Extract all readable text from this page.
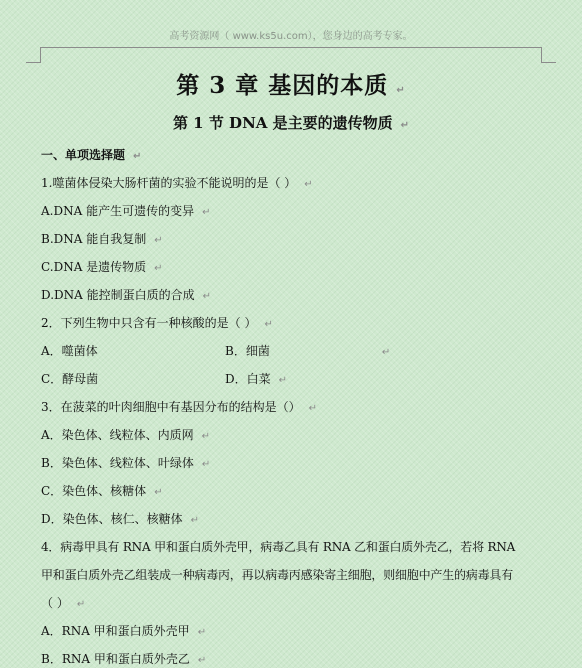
高考资源网（ www.ks5u.com），您身边的高考专家。
第 3 章 基因的本质 ↵
第 1 节 DNA 是主要的遗传物质 ↵
一、单项选择题 ↵
1.噬菌体侵染大肠杆菌的实验不能说明的是（ ） ↵
A.DNA 能产生可遗传的变异 ↵
B.DNA 能自我复制 ↵
C.DNA 是遗传物质 ↵
D.DNA 能控制蛋白质的合成 ↵
2．下列生物中只含有一种核酸的是（ ） ↵
A．噬菌体	B．细菌	↵
C．酵母菌	D．白菜 ↵
3．在菠菜的叶肉细胞中有基因分布的结构是（） ↵
A．染色体、线粒体、内质网 ↵
B．染色体、线粒体、叶绿体 ↵
C．染色体、核糖体 ↵
D．染色体、核仁、核糖体 ↵
4．病毒甲具有 RNA 甲和蛋白质外壳甲，病毒乙具有 RNA 乙和蛋白质外壳乙，若将 RNA
甲和蛋白质外壳乙组装成一种病毒丙，再以病毒丙感染寄主细胞，则细胞中产生的病毒具有
（ ） ↵
A．RNA 甲和蛋白质外壳甲 ↵
B．RNA 甲和蛋白质外壳乙 ↵
